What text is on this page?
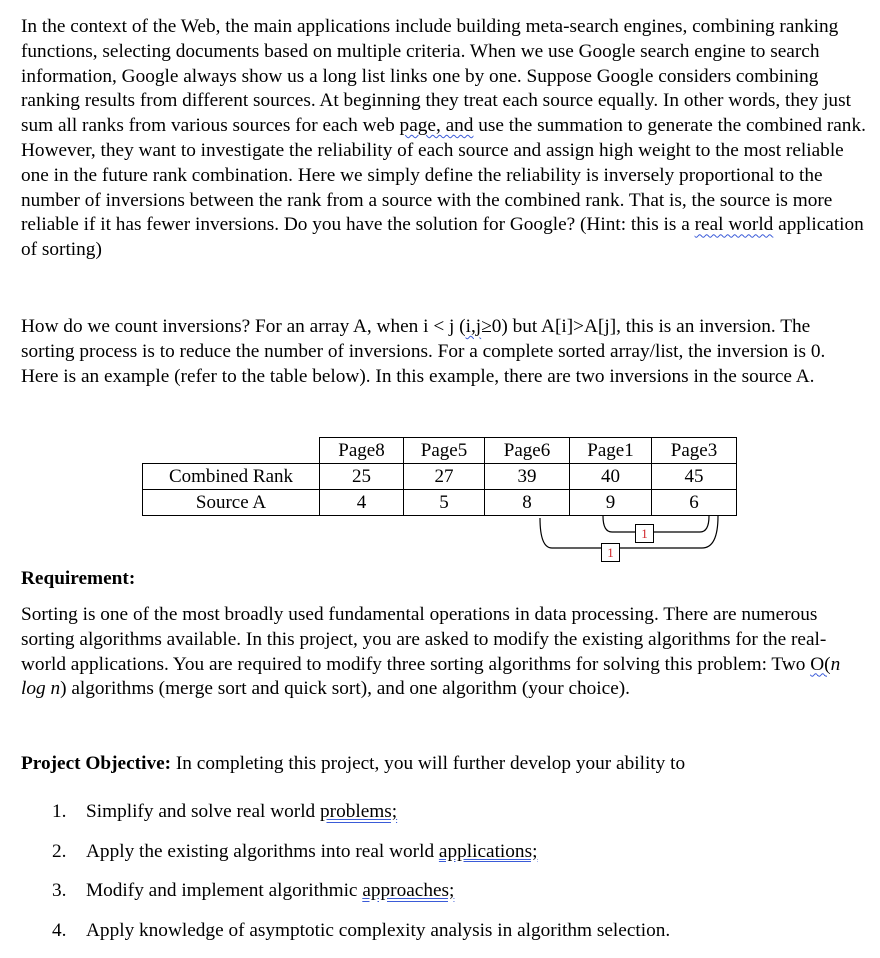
In the context of the Web, the main applications include building meta-search engines, combining ranking functions, selecting documents based on multiple criteria. When we use Google search engine to search information, Google always show us a long list links one by one. Suppose Google considers combining ranking results from different sources. At beginning they treat each source equally. In other words, they just sum all ranks from various sources for each web page, and use the summation to generate the combined rank. However, they want to investigate the reliability of each source and assign high weight to the most reliable one in the future rank combination. Here we simply define the reliability is inversely proportional to the number of inversions between the rank from a source with the combined rank. That is, the source is more reliable if it has fewer inversions. Do you have the solution for Google? (Hint: this is a real world application of sorting)

How do we count inversions? For an array A, when i < j (i,j≥0) but A[i]>A[j], this is an inversion. The sorting process is to reduce the number of inversions. For a complete sorted array/list, the inversion is 0. Here is an example (refer to the table below). In this example, there are two inversions in the source A.

	Page8	Page5	Page6	Page1	Page3
Combined Rank	25	27	39	40	45
Source A	4	5	8	9	6
1
1

Requirement:

Sorting is one of the most broadly used fundamental operations in data processing. There are numerous sorting algorithms available. In this project, you are asked to modify the existing algorithms for the real-world applications. You are required to modify three sorting algorithms for solving this problem: Two O(n log n) algorithms (merge sort and quick sort), and one algorithm (your choice).

Project Objective: In completing this project, you will further develop your ability to

1. Simplify and solve real world problems;
2. Apply the existing algorithms into real world applications;
3. Modify and implement algorithmic approaches;
4. Apply knowledge of asymptotic complexity analysis in algorithm selection.
